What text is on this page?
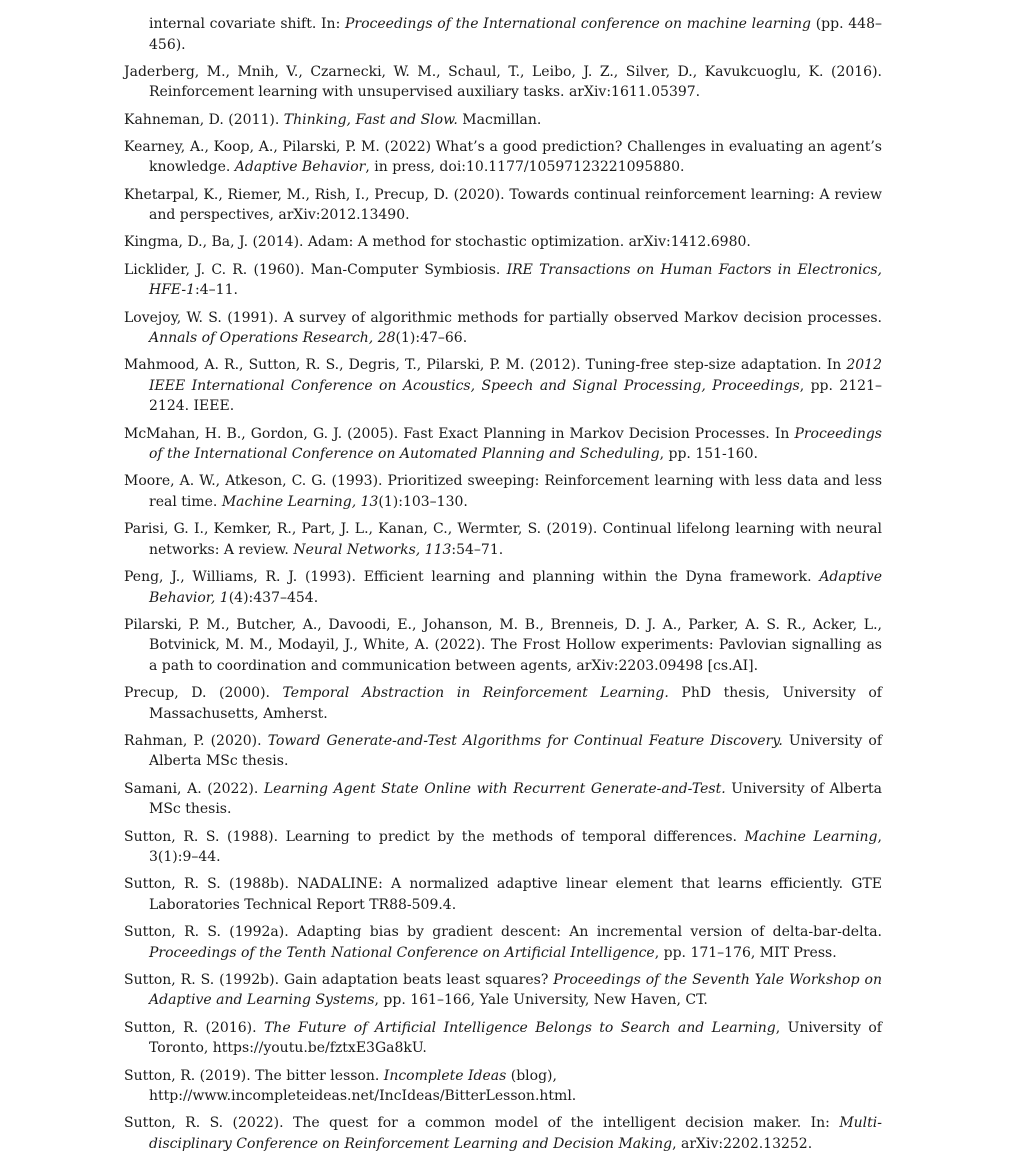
internal covariate shift. In: Proceedings of the International conference on machine learning (pp. 448–456).
Jaderberg, M., Mnih, V., Czarnecki, W. M., Schaul, T., Leibo, J. Z., Silver, D., Kavukcuoglu, K. (2016). Reinforcement learning with unsupervised auxiliary tasks. arXiv:1611.05397.
Kahneman, D. (2011). Thinking, Fast and Slow. Macmillan.
Kearney, A., Koop, A., Pilarski, P. M. (2022) What’s a good prediction? Challenges in evaluating an agent’s knowledge. Adaptive Behavior, in press, doi:10.1177/10597123221095880.
Khetarpal, K., Riemer, M., Rish, I., Precup, D. (2020). Towards continual reinforcement learning: A review and perspectives, arXiv:2012.13490.
Kingma, D., Ba, J. (2014). Adam: A method for stochastic optimization. arXiv:1412.6980.
Licklider, J. C. R. (1960). Man-Computer Symbiosis. IRE Transactions on Human Factors in Electronics, HFE-1:4–11.
Lovejoy, W. S. (1991). A survey of algorithmic methods for partially observed Markov decision processes. Annals of Operations Research, 28(1):47–66.
Mahmood, A. R., Sutton, R. S., Degris, T., Pilarski, P. M. (2012). Tuning-free step-size adaptation. In 2012 IEEE International Conference on Acoustics, Speech and Signal Processing, Proceedings, pp. 2121–2124. IEEE.
McMahan, H. B., Gordon, G. J. (2005). Fast Exact Planning in Markov Decision Processes. In Proceedings of the International Conference on Automated Planning and Scheduling, pp. 151-160.
Moore, A. W., Atkeson, C. G. (1993). Prioritized sweeping: Reinforcement learning with less data and less real time. Machine Learning, 13(1):103–130.
Parisi, G. I., Kemker, R., Part, J. L., Kanan, C., Wermter, S. (2019). Continual lifelong learning with neural networks: A review. Neural Networks, 113:54–71.
Peng, J., Williams, R. J. (1993). Efficient learning and planning within the Dyna framework. Adaptive Behavior, 1(4):437–454.
Pilarski, P. M., Butcher, A., Davoodi, E., Johanson, M. B., Brenneis, D. J. A., Parker, A. S. R., Acker, L., Botvinick, M. M., Modayil, J., White, A. (2022). The Frost Hollow experiments: Pavlovian signalling as a path to coordination and communication between agents, arXiv:2203.09498 [cs.AI].
Precup, D. (2000). Temporal Abstraction in Reinforcement Learning. PhD thesis, University of Massachusetts, Amherst.
Rahman, P. (2020). Toward Generate-and-Test Algorithms for Continual Feature Discovery. University of Alberta MSc thesis.
Samani, A. (2022). Learning Agent State Online with Recurrent Generate-and-Test. University of Alberta MSc thesis.
Sutton, R. S. (1988). Learning to predict by the methods of temporal differences. Machine Learning, 3(1):9–44.
Sutton, R. S. (1988b). NADALINE: A normalized adaptive linear element that learns efficiently. GTE Laboratories Technical Report TR88-509.4.
Sutton, R. S. (1992a). Adapting bias by gradient descent: An incremental version of delta-bar-delta. Proceedings of the Tenth National Conference on Artificial Intelligence, pp. 171–176, MIT Press.
Sutton, R. S. (1992b). Gain adaptation beats least squares? Proceedings of the Seventh Yale Workshop on Adaptive and Learning Systems, pp. 161–166, Yale University, New Haven, CT.
Sutton, R. (2016). The Future of Artificial Intelligence Belongs to Search and Learning, University of Toronto, https://youtu.be/fztxE3Ga8kU.
Sutton, R. (2019). The bitter lesson. Incomplete Ideas (blog), http://www.incompleteideas.net/IncIdeas/BitterLesson.html.
Sutton, R. S. (2022). The quest for a common model of the intelligent decision maker. In: Multi-disciplinary Conference on Reinforcement Learning and Decision Making, arXiv:2202.13252.
